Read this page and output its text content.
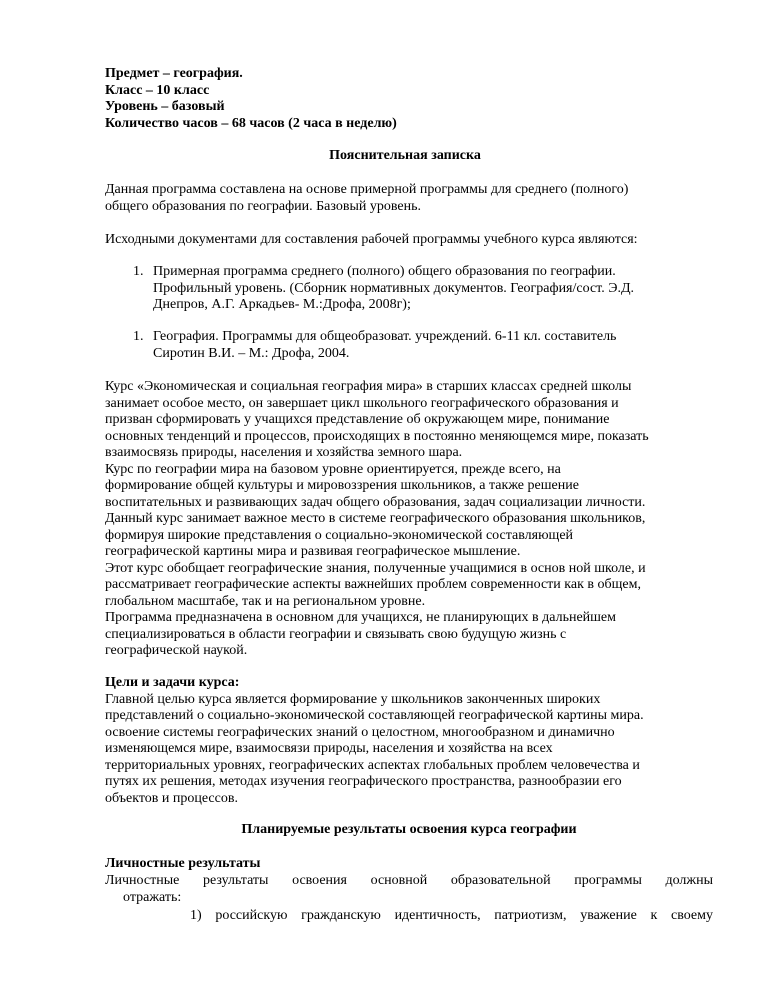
Предмет – география.
Класс – 10 класс
Уровень – базовый
Количество часов – 68 часов (2 часа в неделю)
Пояснительная записка
Данная программа составлена на основе примерной программы для среднего (полного)
общего образования по географии. Базовый уровень.
Исходными документами для составления рабочей программы учебного курса являются:
1. Примерная программа среднего (полного) общего образования по географии.
Профильный уровень. (Сборник нормативных документов. География/сост. Э.Д.
Днепров, А.Г. Аркадьев- М.:Дрофа, 2008г);
1. География. Программы для общеобразоват. учреждений. 6-11 кл. составитель
Сиротин В.И. – М.: Дрофа, 2004.
Курс «Экономическая и социальная география мира» в старших классах средней школы
занимает особое место, он завершает цикл школьного географического образования и
призван сформировать у учащихся представление об окружающем мире, понимание
основных тенденций и процессов, происходящих в постоянно меняющемся мире, показать
взаимосвязь природы, населения и хозяйства земного шара.
Курс по географии мира на базовом уровне ориентируется, прежде всего, на
формирование общей культуры и мировоззрения школьников, а также решение
воспитательных и развивающих задач общего образования, задач социализации личности.
Данный курс занимает важное место в системе географического образования школьников,
формируя широкие представления о социально-экономической составляющей
географической картины мира и развивая географическое мышление.
Этот курс обобщает географические знания, полученные учащимися в основ ной школе, и
рассматривает географические аспекты важнейших проблем современности как в общем,
глобальном масштабе, так и на региональном уровне.
Программа предназначена в основном для учащихся, не планирующих в дальнейшем
специализироваться в области географии и связывать свою будущую жизнь с
географической наукой.
Цели и задачи курса:
Главной целью курса является формирование у школьников законченных широких
представлений о социально-экономической составляющей географической картины мира.
освоение системы географических знаний о целостном, многообразном и динамично
изменяющемся мире, взаимосвязи природы, населения и хозяйства на всех
территориальных уровнях, географических аспектах глобальных проблем человечества и
путях их решения, методах изучения географического пространства, разнообразии его
объектов и процессов.
Планируемые результаты освоения курса географии
Личностные результаты
Личностные результаты освоения основной образовательной программы должны
отражать:
1) российскую гражданскую идентичность, патриотизм, уважение к своему
